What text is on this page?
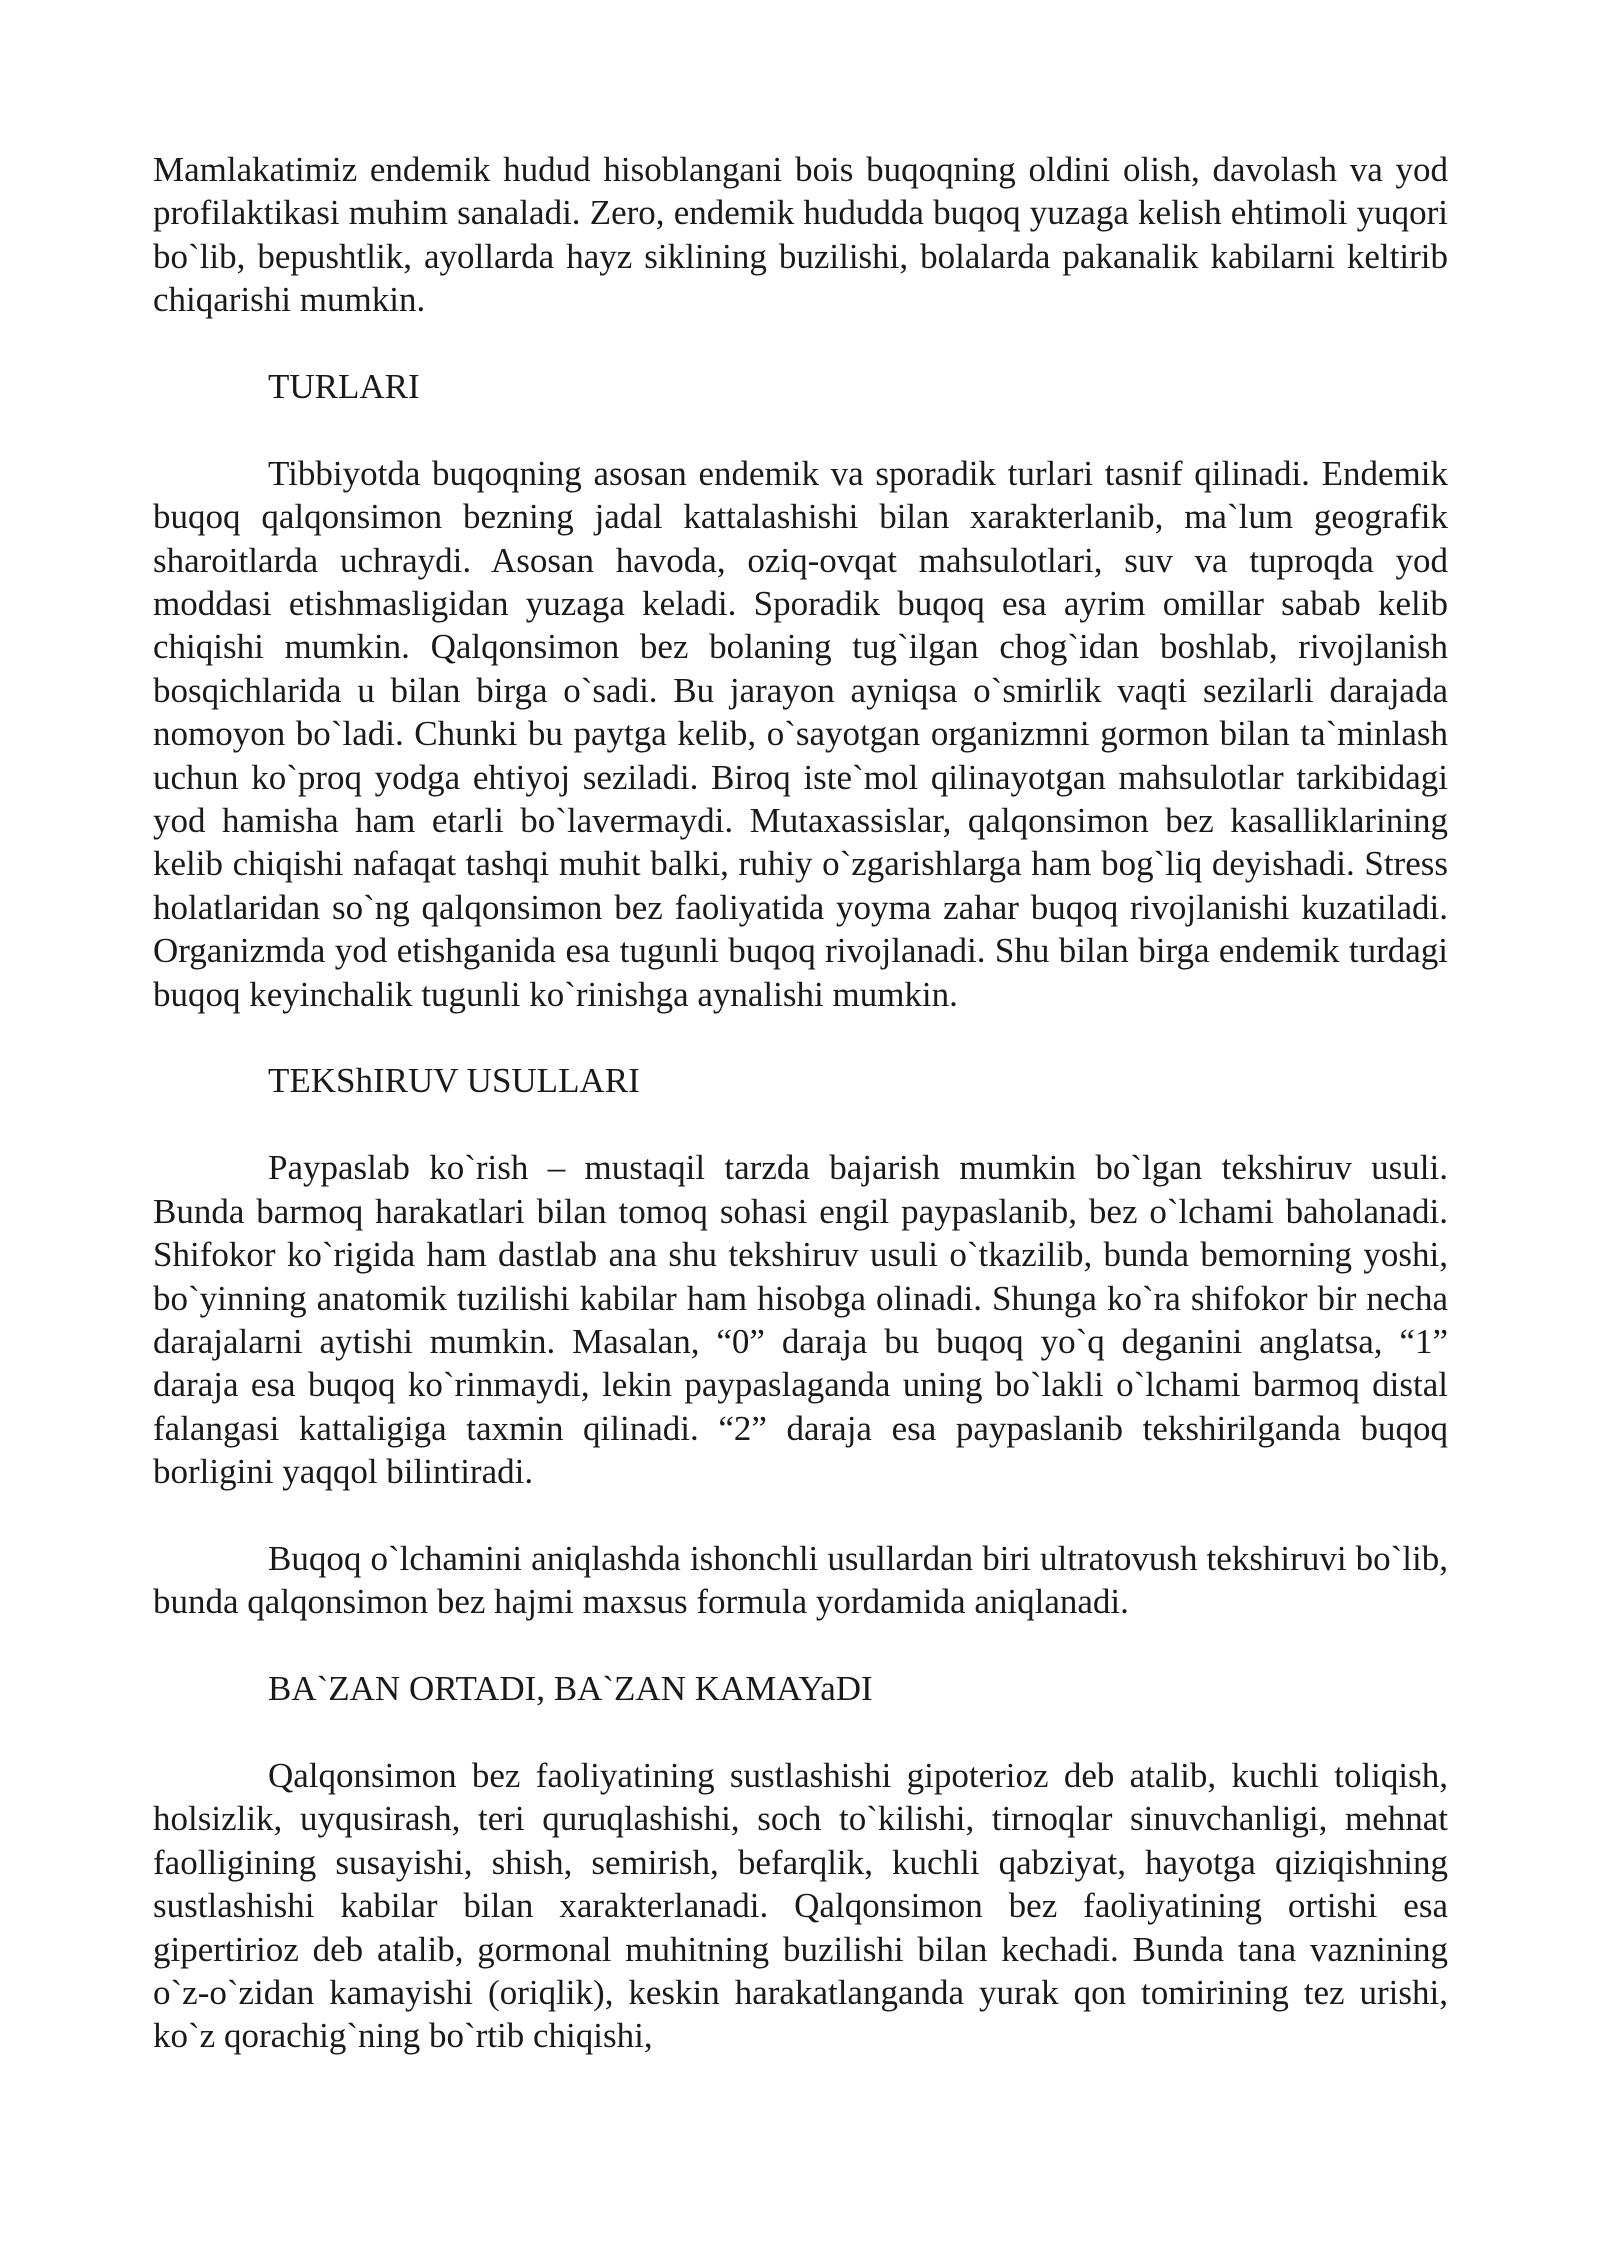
Mamlakatimiz endemik hudud hisoblangani bois buqoqning oldini olish, davolash va yod profilaktikasi muhim sanaladi. Zero, endemik hududda buqoq yuzaga kelish ehtimoli yuqori bo`lib, bepushtlik, ayollarda hayz siklining buzilishi, bolalarda pakanalik kabilarni keltirib chiqarishi mumkin.

TURLARI

Tibbiyotda buqoqning asosan endemik va sporadik turlari tasnif qilinadi. Endemik buqoq qalqonsimon bezning jadal kattalashishi bilan xarakterlanib, ma`lum geografik sharoitlarda uchraydi. Asosan havoda, oziq-ovqat mahsulotlari, suv va tuproqda yod moddasi etishmasligidan yuzaga keladi. Sporadik buqoq esa ayrim omillar sabab kelib chiqishi mumkin. Qalqonsimon bez bolaning tug`ilgan chog`idan boshlab, rivojlanish bosqichlarida u bilan birga o`sadi. Bu jarayon ayniqsa o`smirlik vaqti sezilarli darajada nomoyon bo`ladi. Chunki bu paytga kelib, o`sayotgan organizmni gormon bilan ta`minlash uchun ko`proq yodga ehtiyoj seziladi. Biroq iste`mol qilinayotgan mahsulotlar tarkibidagi yod hamisha ham etarli bo`lavermaydi. Mutaxassislar, qalqonsimon bez kasalliklarining kelib chiqishi nafaqat tashqi muhit balki, ruhiy o`zgarishlarga ham bog`liq deyishadi. Stress holatlaridan so`ng qalqonsimon bez faoliyatida yoyma zahar buqoq rivojlanishi kuzatiladi. Organizmda yod etishganida esa tugunli buqoq rivojlanadi. Shu bilan birga endemik turdagi buqoq keyinchalik tugunli ko`rinishga aynalishi mumkin.

TEKShIRUV USULLARI

Paypaslab ko`rish – mustaqil tarzda bajarish mumkin bo`lgan tekshiruv usuli. Bunda barmoq harakatlari bilan tomoq sohasi engil paypaslanib, bez o`lchami baholanadi. Shifokor ko`rigida ham dastlab ana shu tekshiruv usuli o`tkazilib, bunda bemorning yoshi, bo`yinning anatomik tuzilishi kabilar ham hisobga olinadi. Shunga ko`ra shifokor bir necha darajalarni aytishi mumkin. Masalan, “0” daraja bu buqoq yo`q deganini anglatsa, “1” daraja esa buqoq ko`rinmaydi, lekin paypaslaganda uning bo`lakli o`lchami barmoq distal falangasi kattaligiga taxmin qilinadi. “2” daraja esa paypaslanib tekshirilganda buqoq borligini yaqqol bilintiradi.

Buqoq o`lchamini aniqlashda ishonchli usullardan biri ultratovush tekshiruvi bo`lib, bunda qalqonsimon bez hajmi maxsus formula yordamida aniqlanadi.

BA`ZAN ORTADI, BA`ZAN KAMAYaDI

Qalqonsimon bez faoliyatining sustlashishi gipoterioz deb atalib, kuchli toliqish, holsizlik, uyqusirash, teri quruqlashishi, soch to`kilishi, tirnoqlar sinuvchanligi, mehnat faolligining susayishi, shish, semirish, befarqlik, kuchli qabziyat, hayotga qiziqishning sustlashishi kabilar bilan xarakterlanadi. Qalqonsimon bez faoliyatining ortishi esa gipertirioz deb atalib, gormonal muhitning buzilishi bilan kechadi. Bunda tana vaznining o`z-o`zidan kamayishi (oriqlik), keskin harakatlanganda yurak qon tomirining tez urishi, ko`z qorachig`ning bo`rtib chiqishi,
